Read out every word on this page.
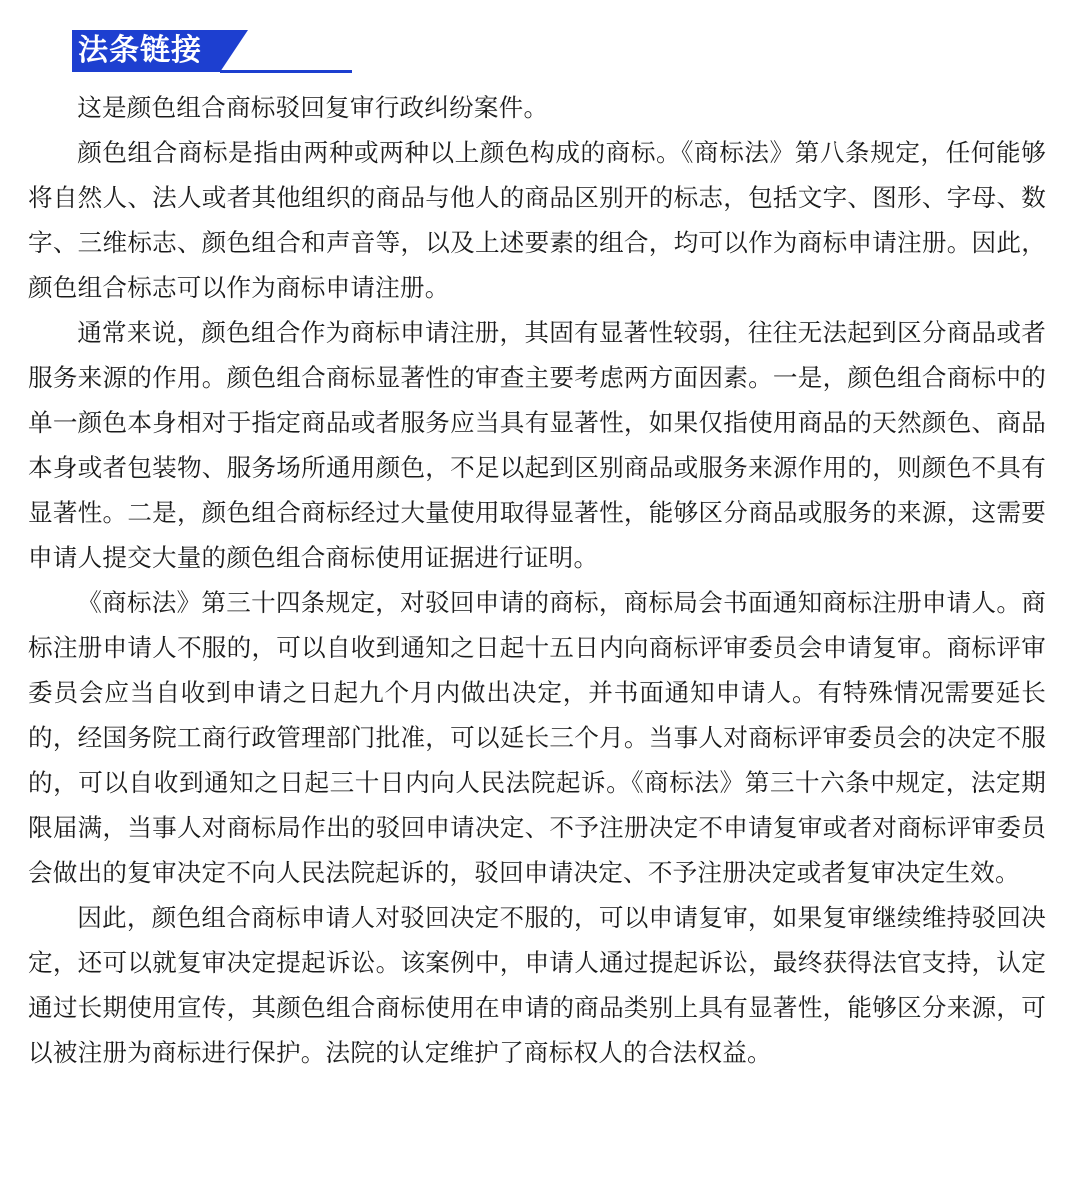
法条链接

这是颜色组合商标驳回复审行政纠纷案件。

颜色组合商标是指由两种或两种以上颜色构成的商标。《商标法》第八条规定，任何能够将自然人、法人或者其他组织的商品与他人的商品区别开的标志，包括文字、图形、字母、数字、三维标志、颜色组合和声音等，以及上述要素的组合，均可以作为商标申请注册。因此，颜色组合标志可以作为商标申请注册。

通常来说，颜色组合作为商标申请注册，其固有显著性较弱，往往无法起到区分商品或者服务来源的作用。颜色组合商标显著性的审查主要考虑两方面因素。一是，颜色组合商标中的单一颜色本身相对于指定商品或者服务应当具有显著性，如果仅指使用商品的天然颜色、商品本身或者包装物、服务场所通用颜色，不足以起到区别商品或服务来源作用的，则颜色不具有显著性。二是，颜色组合商标经过大量使用取得显著性，能够区分商品或服务的来源，这需要申请人提交大量的颜色组合商标使用证据进行证明。

《商标法》第三十四条规定，对驳回申请的商标，商标局会书面通知商标注册申请人。商标注册申请人不服的，可以自收到通知之日起十五日内向商标评审委员会申请复审。商标评审委员会应当自收到申请之日起九个月内做出决定，并书面通知申请人。有特殊情况需要延长的，经国务院工商行政管理部门批准，可以延长三个月。当事人对商标评审委员会的决定不服的，可以自收到通知之日起三十日内向人民法院起诉。《商标法》第三十六条中规定，法定期限届满，当事人对商标局作出的驳回申请决定、不予注册决定不申请复审或者对商标评审委员会做出的复审决定不向人民法院起诉的，驳回申请决定、不予注册决定或者复审决定生效。

因此，颜色组合商标申请人对驳回决定不服的，可以申请复审，如果复审继续维持驳回决定，还可以就复审决定提起诉讼。该案例中，申请人通过提起诉讼，最终获得法官支持，认定通过长期使用宣传，其颜色组合商标使用在申请的商品类别上具有显著性，能够区分来源，可以被注册为商标进行保护。法院的认定维护了商标权人的合法权益。
